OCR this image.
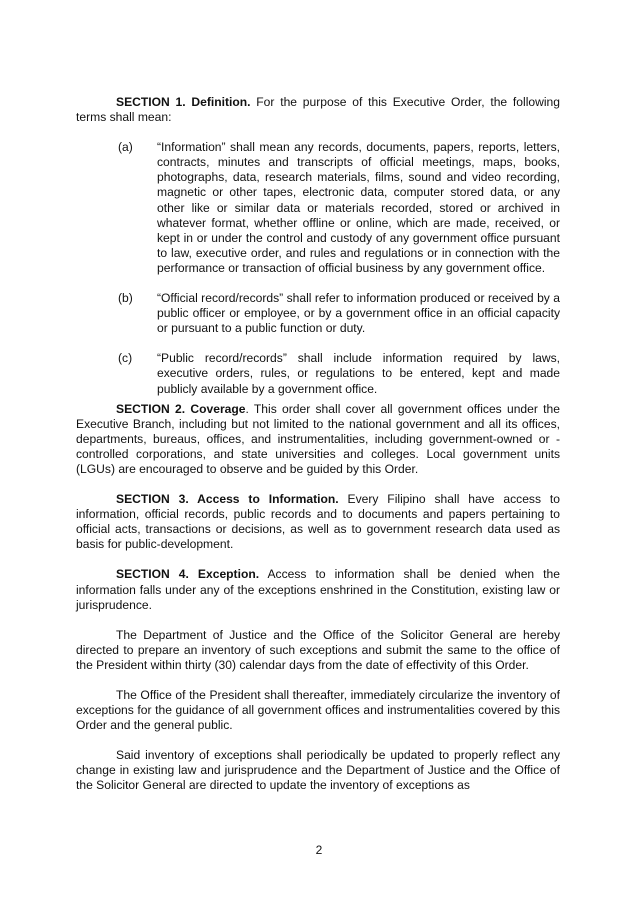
SECTION 1. Definition. For the purpose of this Executive Order, the following terms shall mean:

(a) “Information” shall mean any records, documents, papers, reports, letters, contracts, minutes and transcripts of official meetings, maps, books, photographs, data, research materials, films, sound and video recording, magnetic or other tapes, electronic data, computer stored data, or any other like or similar data or materials recorded, stored or archived in whatever format, whether offline or online, which are made, received, or kept in or under the control and custody of any government office pursuant to law, executive order, and rules and regulations or in connection with the performance or transaction of official business by any government office.
(b) “Official record/records” shall refer to information produced or received by a public officer or employee, or by a government office in an official capacity or pursuant to a public function or duty.
(c) “Public record/records” shall include information required by laws, executive orders, rules, or regulations to be entered, kept and made publicly available by a government office.

SECTION 2. Coverage. This order shall cover all government offices under the Executive Branch, including but not limited to the national government and all its offices, departments, bureaus, offices, and instrumentalities, including government-owned or -controlled corporations, and state universities and colleges. Local government units (LGUs) are encouraged to observe and be guided by this Order.

SECTION 3. Access to Information. Every Filipino shall have access to information, official records, public records and to documents and papers pertaining to official acts, transactions or decisions, as well as to government research data used as basis for public-development.

SECTION 4. Exception. Access to information shall be denied when the information falls under any of the exceptions enshrined in the Constitution, existing law or jurisprudence.

The Department of Justice and the Office of the Solicitor General are hereby directed to prepare an inventory of such exceptions and submit the same to the office of the President within thirty (30) calendar days from the date of effectivity of this Order.

The Office of the President shall thereafter, immediately circularize the inventory of exceptions for the guidance of all government offices and instrumentalities covered by this Order and the general public.

Said inventory of exceptions shall periodically be updated to properly reflect any change in existing law and jurisprudence and the Department of Justice and the Office of the Solicitor General are directed to update the inventory of exceptions as

2
